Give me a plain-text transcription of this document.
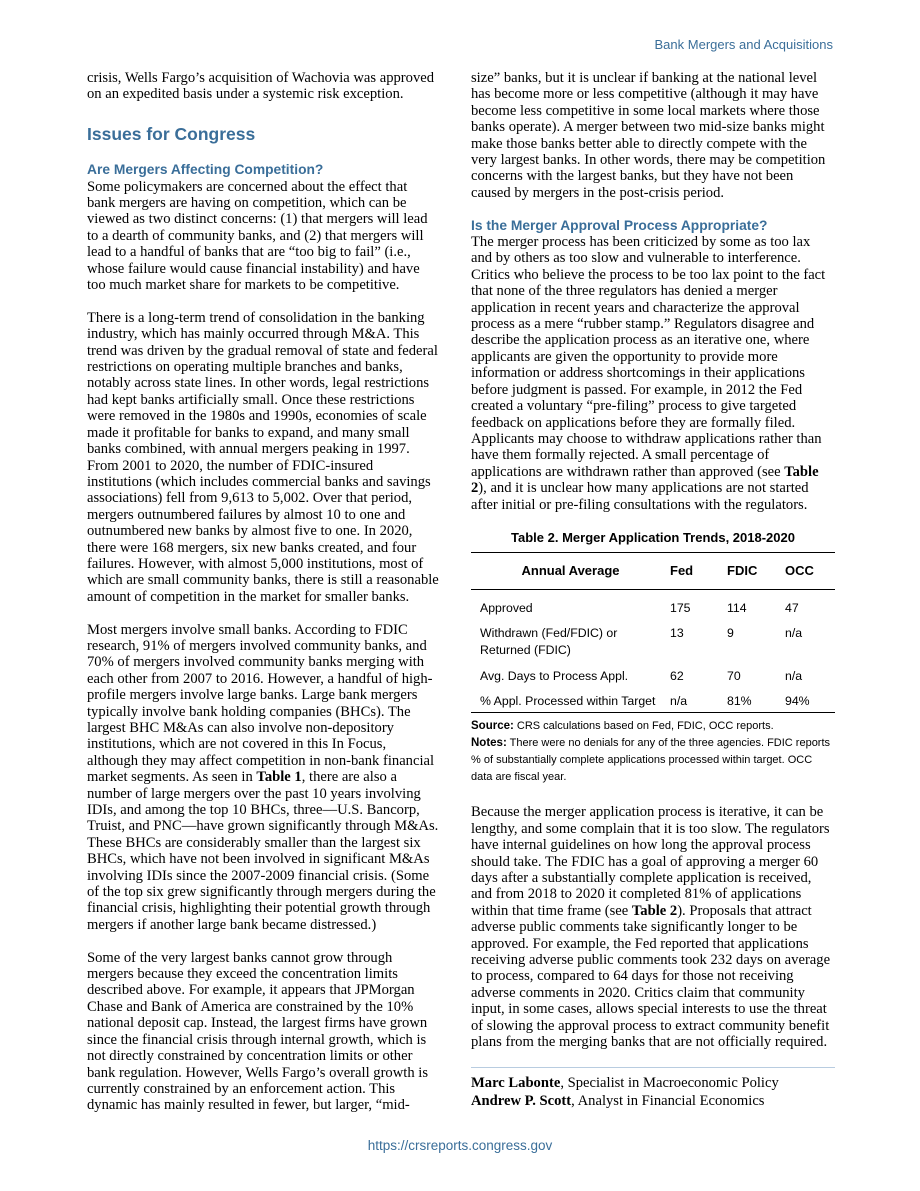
Bank Mergers and Acquisitions

crisis, Wells Fargo’s acquisition of Wachovia was approved on an expedited basis under a systemic risk exception.

Issues for Congress
Are Mergers Affecting Competition?

Some policymakers are concerned about the effect that bank mergers are having on competition, which can be viewed as two distinct concerns: (1) that mergers will lead to a dearth of community banks, and (2) that mergers will lead to a handful of banks that are “too big to fail” (i.e., whose failure would cause financial instability) and have too much market share for markets to be competitive.

There is a long-term trend of consolidation in the banking industry, which has mainly occurred through M&A. This trend was driven by the gradual removal of state and federal restrictions on operating multiple branches and banks, notably across state lines. In other words, legal restrictions had kept banks artificially small. Once these restrictions were removed in the 1980s and 1990s, economies of scale made it profitable for banks to expand, and many small banks combined, with annual mergers peaking in 1997. From 2001 to 2020, the number of FDIC-insured institutions (which includes commercial banks and savings associations) fell from 9,613 to 5,002. Over that period, mergers outnumbered failures by almost 10 to one and outnumbered new banks by almost five to one. In 2020, there were 168 mergers, six new banks created, and four failures. However, with almost 5,000 institutions, most of which are small community banks, there is still a reasonable amount of competition in the market for smaller banks.

Most mergers involve small banks. According to FDIC research, 91% of mergers involved community banks, and 70% of mergers involved community banks merging with each other from 2007 to 2016. However, a handful of high-profile mergers involve large banks. Large bank mergers typically involve bank holding companies (BHCs). The largest BHC M&As can also involve non-depository institutions, which are not covered in this In Focus, although they may affect competition in non-bank financial market segments. As seen in Table 1, there are also a number of large mergers over the past 10 years involving IDIs, and among the top 10 BHCs, three—U.S. Bancorp, Truist, and PNC—have grown significantly through M&As. These BHCs are considerably smaller than the largest six BHCs, which have not been involved in significant M&As involving IDIs since the 2007-2009 financial crisis. (Some of the top six grew significantly through mergers during the financial crisis, highlighting their potential growth through mergers if another large bank became distressed.)

Some of the very largest banks cannot grow through mergers because they exceed the concentration limits described above. For example, it appears that JPMorgan Chase and Bank of America are constrained by the 10% national deposit cap. Instead, the largest firms have grown since the financial crisis through internal growth, which is not directly constrained by concentration limits or other bank regulation. However, Wells Fargo’s overall growth is currently constrained by an enforcement action. This dynamic has mainly resulted in fewer, but larger, “mid-

size” banks, but it is unclear if banking at the national level has become more or less competitive (although it may have become less competitive in some local markets where those banks operate). A merger between two mid-size banks might make those banks better able to directly compete with the very largest banks. In other words, there may be competition concerns with the largest banks, but they have not been caused by mergers in the post-crisis period.

Is the Merger Approval Process Appropriate?

The merger process has been criticized by some as too lax and by others as too slow and vulnerable to interference. Critics who believe the process to be too lax point to the fact that none of the three regulators has denied a merger application in recent years and characterize the approval process as a mere “rubber stamp.” Regulators disagree and describe the application process as an iterative one, where applicants are given the opportunity to provide more information or address shortcomings in their applications before judgment is passed. For example, in 2012 the Fed created a voluntary “pre-filing” process to give targeted feedback on applications before they are formally filed. Applicants may choose to withdraw applications rather than have them formally rejected. A small percentage of applications are withdrawn rather than approved (see Table 2), and it is unclear how many applications are not started after initial or pre-filing consultations with the regulators.

Table 2. Merger Application Trends, 2018-2020
Annual Average	Fed	FDIC	OCC
Approved	175	114	47
Withdrawn (Fed/FDIC) or Returned (FDIC)	13	9	n/a
Avg. Days to Process Appl.	62	70	n/a
% Appl. Processed within Target	n/a	81%	94%
Source: CRS calculations based on Fed, FDIC, OCC reports.
Notes: There were no denials for any of the three agencies. FDIC reports % of substantially complete applications processed within target. OCC data are fiscal year.

Because the merger application process is iterative, it can be lengthy, and some complain that it is too slow. The regulators have internal guidelines on how long the approval process should take. The FDIC has a goal of approving a merger 60 days after a substantially complete application is received, and from 2018 to 2020 it completed 81% of applications within that time frame (see Table 2). Proposals that attract adverse public comments take significantly longer to be approved. For example, the Fed reported that applications receiving adverse public comments took 232 days on average to process, compared to 64 days for those not receiving adverse comments in 2020. Critics claim that community input, in some cases, allows special interests to use the threat of slowing the approval process to extract community benefit plans from the merging banks that are not officially required.

Marc Labonte, Specialist in Macroeconomic Policy
Andrew P. Scott, Analyst in Financial Economics
https://crsreports.congress.gov
